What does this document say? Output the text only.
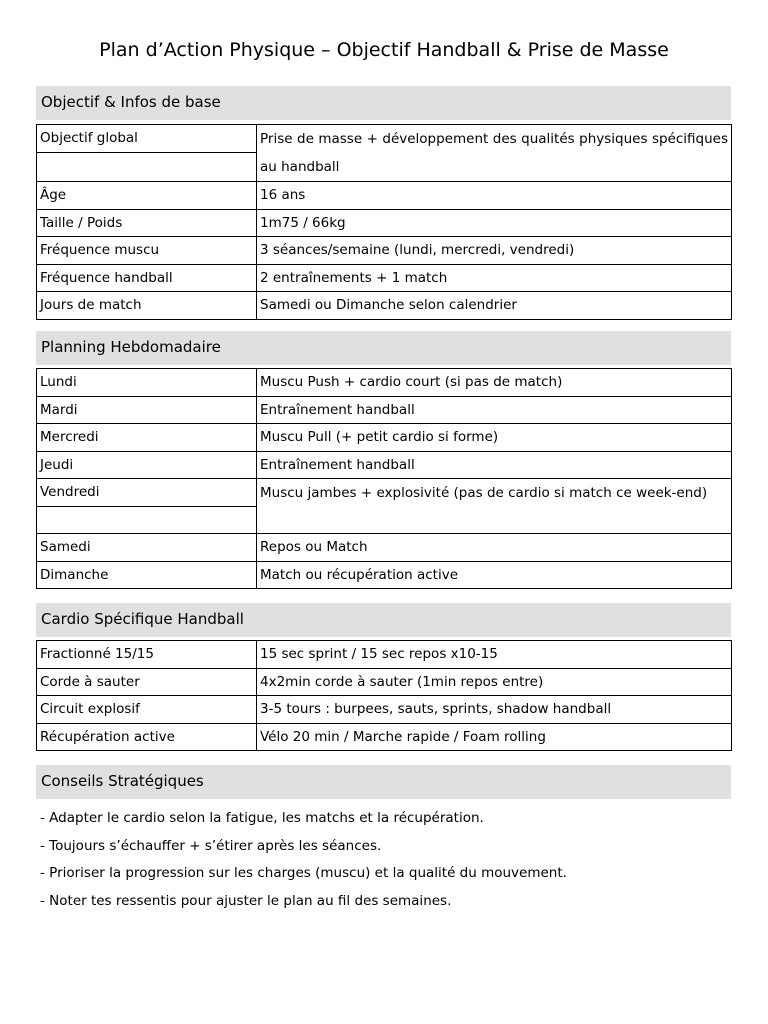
Plan d’Action Physique – Objectif Handball & Prise de Masse
Objectif & Infos de base
Objectif global	Prise de masse + développement des qualités physiques spécifiques au handball
Âge	16 ans
Taille / Poids	1m75 / 66kg
Fréquence muscu	3 séances/semaine (lundi, mercredi, vendredi)
Fréquence handball	2 entraînements + 1 match
Jours de match	Samedi ou Dimanche selon calendrier
Planning Hebdomadaire
Lundi	Muscu Push + cardio court (si pas de match)
Mardi	Entraînement handball
Mercredi	Muscu Pull (+ petit cardio si forme)
Jeudi	Entraînement handball
Vendredi	Muscu jambes + explosivité (pas de cardio si match ce week-end)
Samedi	Repos ou Match
Dimanche	Match ou récupération active
Cardio Spécifique Handball
Fractionné 15/15	15 sec sprint / 15 sec repos x10-15
Corde à sauter	4x2min corde à sauter (1min repos entre)
Circuit explosif	3-5 tours : burpees, sauts, sprints, shadow handball
Récupération active	Vélo 20 min / Marche rapide / Foam rolling
Conseils Stratégiques
- Adapter le cardio selon la fatigue, les matchs et la récupération.
- Toujours s’échauffer + s’étirer après les séances.
- Prioriser la progression sur les charges (muscu) et la qualité du mouvement.
- Noter tes ressentis pour ajuster le plan au fil des semaines.
